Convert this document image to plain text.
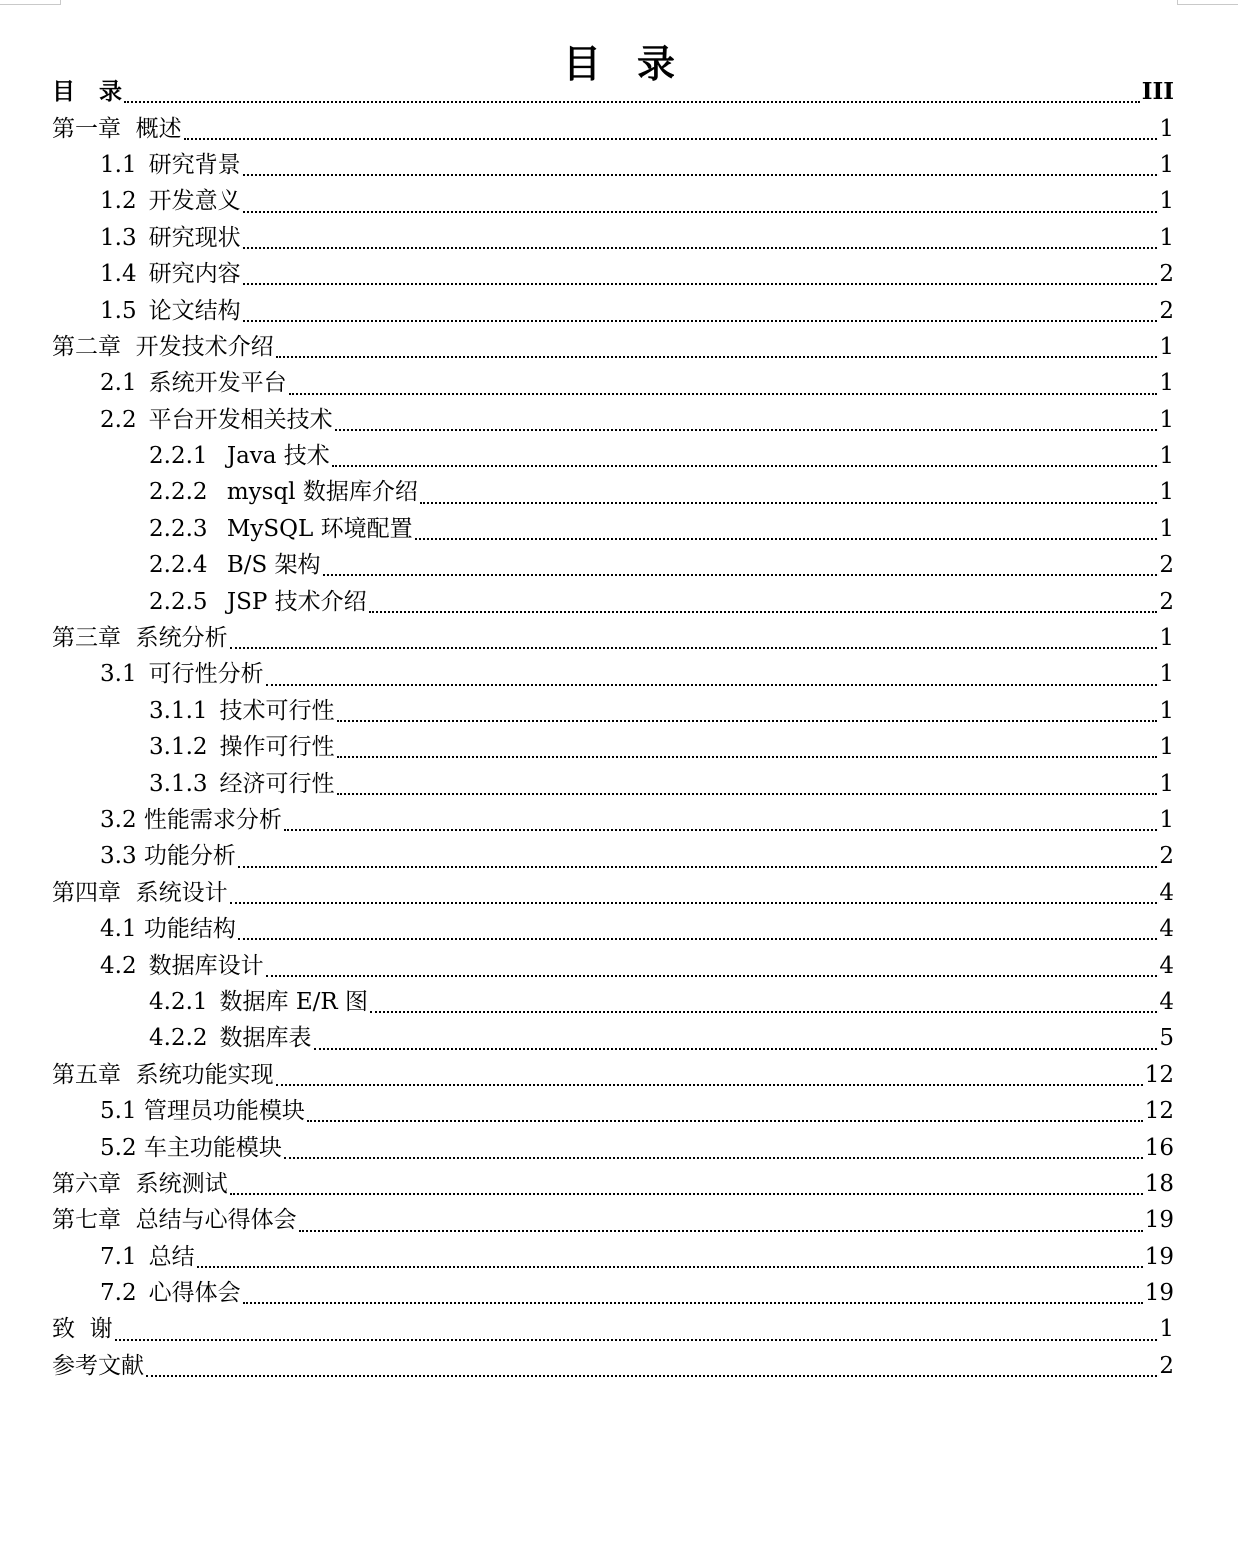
目 录
目   录	III
第一章  概述	1
1.1 研究背景	1
1.2 开发意义	1
1.3 研究现状	1
1.4 研究内容	2
1.5 论文结构	2
第二章  开发技术介绍	1
2.1 系统开发平台	1
2.2 平台开发相关技术	1
2.2.1 Java 技术	1
2.2.2 mysql 数据库介绍	1
2.2.3 MySQL 环境配置	1
2.2.4 B/S 架构	2
2.2.5 JSP 技术介绍	2
第三章  系统分析	1
3.1 可行性分析	1
3.1.1 技术可行性	1
3.1.2 操作可行性	1
3.1.3 经济可行性	1
3.2 性能需求分析	1
3.3 功能分析	2
第四章  系统设计	4
4.1 功能结构	4
4.2 数据库设计	4
4.2.1 数据库 E/R 图	4
4.2.2 数据库表	5
第五章  系统功能实现	12
5.1 管理员功能模块	12
5.2 车主功能模块	16
第六章  系统测试	18
第七章  总结与心得体会	19
7.1 总结	19
7.2 心得体会	19
致  谢	1
参考文献	2
